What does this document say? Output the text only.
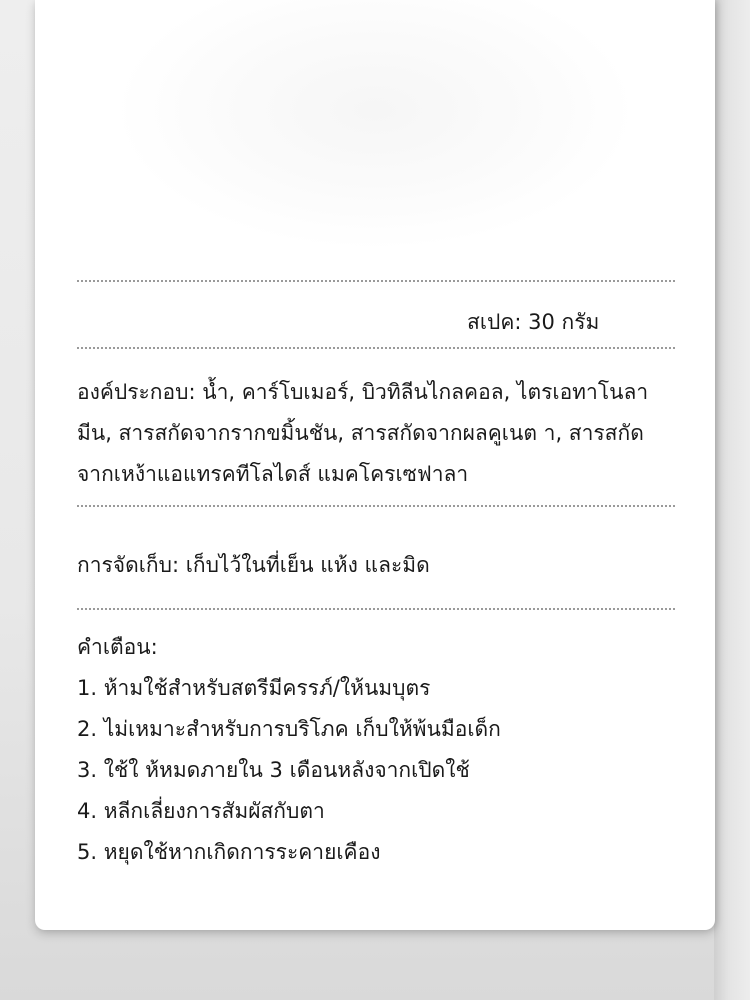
สเปค: 30 กรัม
องค์ประกอบ: น้ำ, คาร์โบเมอร์, บิวทิลีนไกลคอล, ไตรเอทาโนลา
มีน, สารสกัดจากรากขมิ้นชัน, สารสกัดจากผลคูเนต า, สารสกัด
จากเหง้าแอแทรคทีโลไดส์ แมคโครเซฟาลา
การจัดเก็บ: เก็บไว้ในที่เย็น แห้ง และมิด
คำเตือน:
1. ห้ามใช้สำหรับสตรีมีครรภ์/ให้นมบุตร
2. ไม่เหมาะสำหรับการบริโภค เก็บให้พ้นมือเด็ก
3. ใช้ใ ห้หมดภายใน 3 เดือนหลังจากเปิดใช้
4. หลีกเลี่ยงการสัมผัสกับตา
5. หยุดใช้หากเกิดการระคายเคือง
